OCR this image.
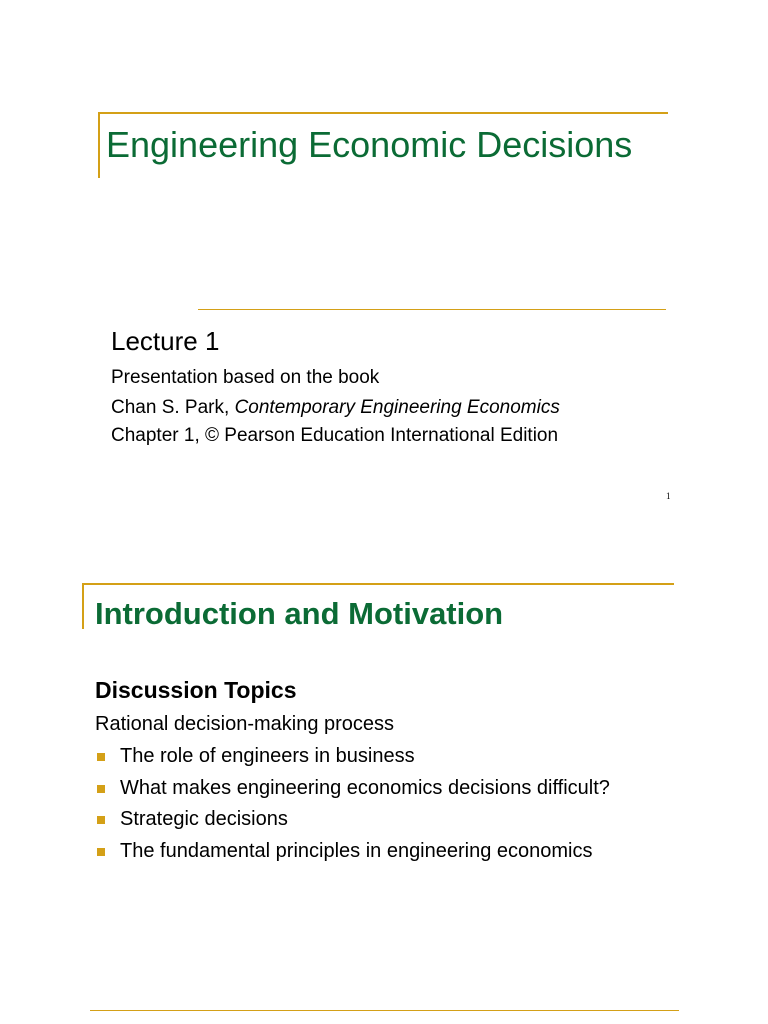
Engineering Economic Decisions
Lecture 1
Presentation based on the book
Chan S. Park, Contemporary Engineering Economics
Chapter 1, © Pearson Education International Edition
1
Introduction and Motivation
Discussion Topics
Rational decision-making process
The role of engineers in business
What makes engineering economics decisions difficult?
Strategic decisions
The fundamental principles in engineering economics
